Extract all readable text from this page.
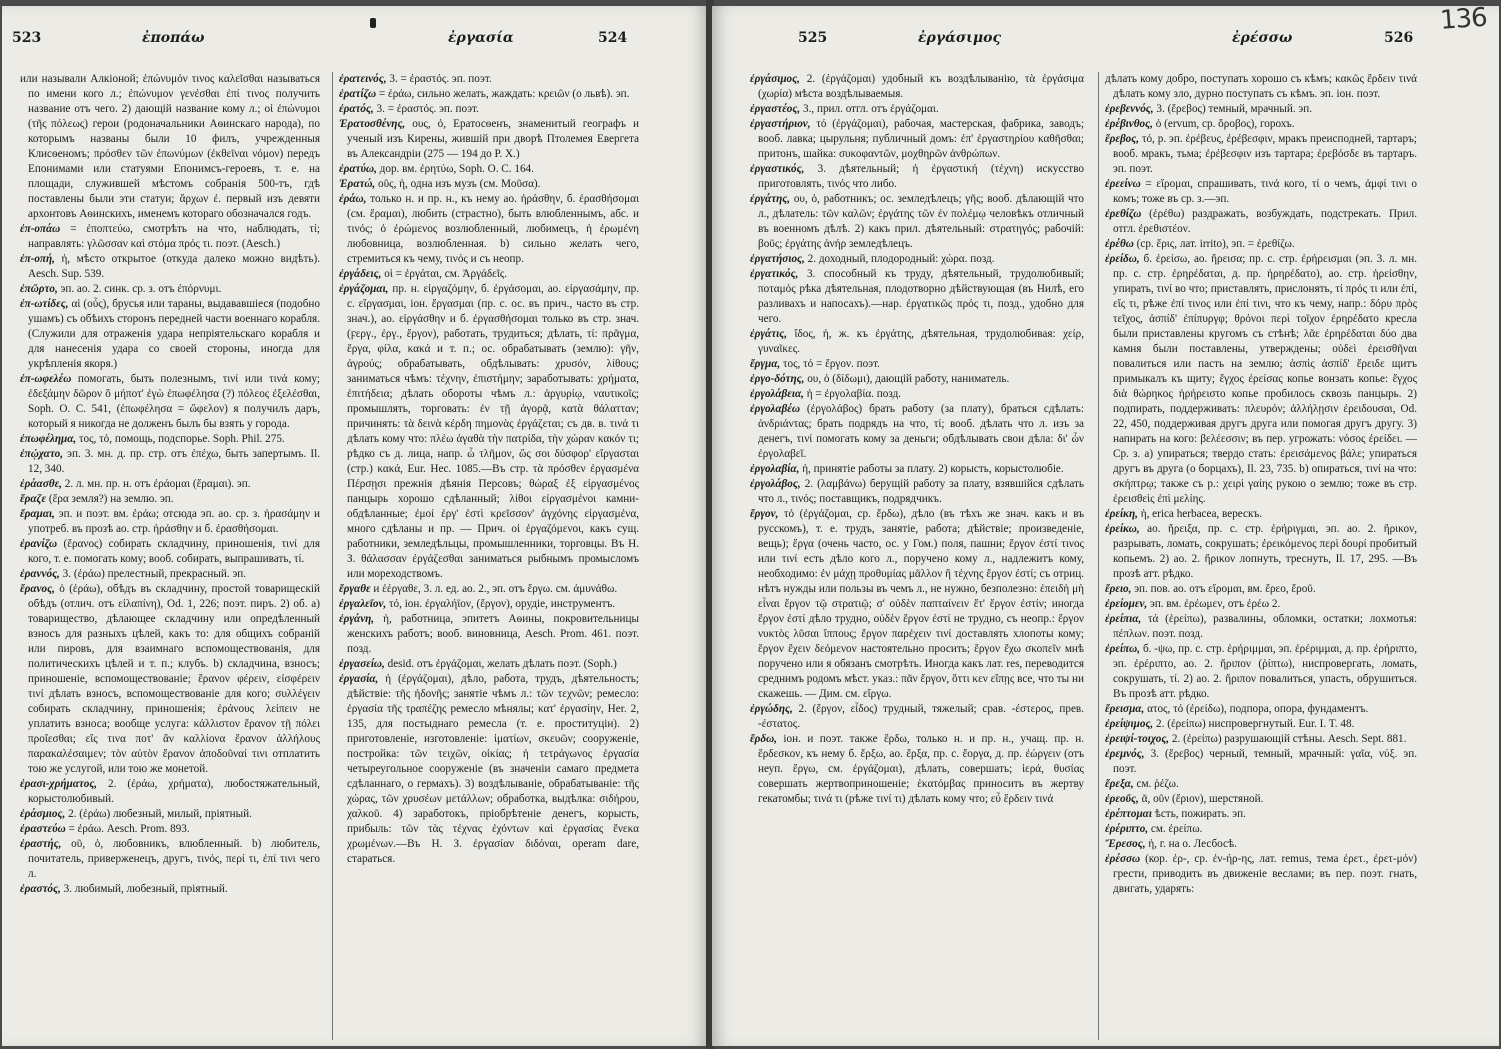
523	ἐποπάω	ἐργασία	524

или называли Алкіоной; ἐπώνυμόν τινος καλεῖσθαι называться по имени кого л.; ἐπώνυμον γενέσθαι ἐπί τινος получить название отъ чего. 2) дающій название кому л.; οἱ ἐπώνυμοι (τῆς πόλεως) герои (родоначальники Аѳинскаго народа), по которымъ названы были 10 филъ, учрежденныя Клисѳеномъ; πρόσθεν τῶν ἐπωνύμων (ἐκθεῖναι νόμον) передъ Епонимами или статуями Епонимсъ-героевъ, т. е. на площади, служившей мѣстомъ собранія 500-тъ, гдѣ поставлены были эти статуи; ἄρχων ἐ. первый изъ девяти архонтовъ Аѳинскихъ, именемъ котораго обозначался годъ.

ἐπ-οπάω = ἐποπτεύω, смотрѣть на что, наблюдать, τί; направлять: γλῶσσαν καὶ στόμα πρός τι. поэт. (Aesch.)

ἐπ-οπή, ἡ, мѣсто открытое (откуда далеко можно видѣть). Aesch. Sup. 539.

ἐπῶρτο, эп. ао. 2. синк. ср. з. отъ ἐπόρνυμι.

ἐπ-ωτίδες, αἱ (οὖς), брусья или тараны, выдававшіеся (подобно ушамъ) съ обѣихъ сторонъ передней части военнаго корабля. (Служили для отраженія удара непріятельскаго корабля и для нанесенія удара со своей стороны, иногда для укрѣпленія якоря.)

ἐπ-ωφελέω помогать, быть полезнымъ, τινί или τινά кому; ἐδεξάμην δῶρον ὃ μήποτ' ἐγὼ ἐπωφέλησα (?) πόλεος ἐξελέσθαι, Soph. O. C. 541, (ἐπωφέλησα = ὤφελον) я получилъ даръ, который я никогда не долженъ былъ бы взять у города.

ἐπωφέλημα, τος, τό, помощь, подспорье. Soph. Phil. 275.

ἐπῴχατο, эп. 3. мн. д. пр. стр. отъ ἐπέχω, быть запертымъ. Il. 12, 340.

ἐράασθε, 2. л. мн. пр. н. отъ ἐράομαι (ἔραμαι). эп.

ἔραζε (ἔρα земля?) на землю. эп.

ἔραμαι, эп. и поэт. вм. ἐράω; отсюда эп. ао. ср. з. ἠρασάμην и употреб. въ прозѣ ао. стр. ἠράσθην и б. ἐρασθήσομαι.

ἐρανίζω (ἔρανος) собирать складчину, приношенія, τινί для кого, т. е. помогать кому; вооб. собирать, выпрашивать, τί.

ἐραννός, 3. (ἐράω) прелестный, прекрасный. эп.

ἔρανος, ὁ (ἐράω), обѣдъ въ складчину, простой товарищескій обѣдъ (отлич. отъ εἰλαπίνη), Od. 1, 226; поэт. пиръ. 2) об. а) товарищество, дѣлающее складчину или опредѣленный взносъ для разныхъ цѣлей, какъ то: для общихъ собраній или пировъ, для взаимнаго вспомоществованія, для политическихъ цѣлей и т. п.; клубъ. b) складчина, взносъ; приношеніе, вспомоществованіе; ἔρανον φέρειν, εἰσφέρειν τινί дѣлать взносъ, вспомоществованіе для кого; συλλέγειν собирать складчину, приношенія; ἐράνους λείπειν не уплатить взноса; вообще услуга: κάλλιστον ἔρανον τῇ πόλει προΐεσθαι; εἴς τινα ποτ' ἂν καλλίονα ἔρανον ἀλλήλους παρακαλέσαιμεν; τὸν αὐτὸν ἔρανον ἀποδοῦναί τινι отплатить тою же услугой, или тою же монетой.

ἐρασι-χρήματος, 2. (ἐράω, χρήματα), любостяжательный, корыстолюбивый.

ἐράσμιος, 2. (ἐράω) любезный, милый, пріятный.

ἐραστεύω = ἐράω. Aesch. Prom. 893.

ἐραστής, οῦ, ὁ, любовникъ, влюбленный. b) любитель, почитатель, приверженецъ, другъ, τινός, περί τι, ἐπί τινι чего л.

ἐραστός, 3. любимый, любезный, пріятный.

ἐρατεινός, 3. = ἐραστός. эп. поэт.

ἐρατίζω = ἐράω, сильно желать, жаждать: κρειῶν (о львѣ). эп.

ἐρατός, 3. = ἐραστός. эп. поэт.

Ἐρατοσθένης, ους, ὁ, Ератосѳенъ, знаменитый географъ и ученый изъ Кирены, жившій при дворѣ Птолемея Евергета въ Александріи (275 — 194 до Р. Х.)

ἐρατύω, дор. вм. ἐρητύω, Soph. O. C. 164.

Ἐρατώ, οῦς, ἡ, одна изъ музъ (см. Μοῦσα).

ἐράω, только н. и пр. н., къ нему ао. ἠράσθην, б. ἐρασθήσομαι (см. ἔραμαι), любить (страстно), быть влюбленнымъ, абс. и τινός; ὁ ἐρώμενος возлюбленный, любимецъ, ἡ ἐρωμένη любовница, возлюбленная. b) сильно желать чего, стремиться къ чему, τινός и съ неопр.

ἐργάδεις, οἱ = ἐργάται, см. Ἀργάδεῖς.

ἐργάζομαι, пр. н. εἰργαζόμην, б. ἐργάσομαι, ао. εἰργασάμην, пр. с. εἴργασμαι, іон. ἔργασμαι (пр. с. ос. въ прич., часто въ стр. знач.), ао. εἰργάσθην и б. ἐργασθήσομαι только въ стр. знач. (ϝεργ., ἐργ., ἔργον), работать, трудиться; дѣлать, τί: πρᾶγμα, ἔργα, φίλα, κακά и т. п.; ос. обрабатывать (землю): γῆν, ἀγρούς; обрабатывать, обдѣлывать: χρυσόν, λίθους; заниматься чѣмъ: τέχνην, ἐπιστήμην; заработывать: χρήματα, ἐπιτήδεια; дѣлать обороты чѣмъ л.: ἀργυρίῳ, ναυτικοῖς; промышлять, торговать: ἐν τῇ ἀγορᾷ, κατὰ θάλατταν; причинять: τὰ δεινὰ κέρδη πημονὰς ἐργάζεται; съ дв. в. τινά τι дѣлать кому что: πλέω ἀγαθὰ τὴν πατρίδα, τὴν χώραν κακόν τι; рѣдко съ д. лица, напр. ὦ τλῆμον, ὥς σοι δύσφορ' εἴργασται (стр.) κακά, Eur. Hec. 1085.—Въ стр. τὰ πρόσθεν ἐργασμένα Πέρσῃσι прежнія дѣянія Персовъ; θώραξ ἐξ εἰργασμένος панцырь хорошо сдѣланный; λίθοι εἰργασμένοι камни-обдѣланные; ἐμοί ἐργ' ἐστὶ κρεῖσσον' ἀγχόνης εἰργασμένα, много сдѣланы и пр. — Прич. οἱ ἐργαζόμενοι, какъ сущ. работники, земледѣльцы, промышленники, торговцы. Въ Н. З. θάλασσαν ἐργάζεσθαι заниматься рыбнымъ промысломъ или мореходствомъ.

ἔργαθε и ἐέργαθε, 3. л. ед. ао. 2., эп. отъ ἔργω. см. ἀμυνάθω.

ἐργαλεῖον, τό, іон. ἐργαλήϊον, (ἔργον), орудіе, инструментъ.

ἐργάνη, ἡ, работница, эпитетъ Аѳины, покровительницы женскихъ работъ; вооб. виновница, Aesch. Prom. 461. поэт. позд.

ἐργασείω, desid. отъ ἐργάζομαι, желать дѣлать поэт. (Soph.)

ἐργασία, ἡ (ἐργάζομαι), дѣло, работа, трудъ, дѣятельность; дѣйствіе: τῆς ἡδονῆς; занятіе чѣмъ л.: τῶν τεχνῶν; ремесло: ἐργασία τῆς τραπέζης ремесло мѣнялы; κατ' ἐργασίην, Her. 2, 135, для постыднаго ремесла (т. е. проституціи). 2) приготовленіе, изготовленіе: ἱματίων, σκευῶν; сооруженіе, постройка: τῶν τειχῶν, οἰκίας; ἡ τετράγωνος ἐργασία четыреугольное сооруженіе (въ значеніи самаго предмета сдѣланнаго, о гермахъ). 3) воздѣлываніе, обрабатываніе: τῆς χώρας, τῶν χρυσέων μετάλλων; обработка, выдѣлка: σιδήρου, χαλκοῦ. 4) заработокъ, пріобрѣтеніе денегъ, корысть, прибыль: τῶν τὰς τέχνας ἐχόντων καὶ ἐργασίας ἕνεκα χρωμένων.—Въ Н. З. ἐργασίαν διδόναι, operam dare, стараться.

525	ἐργάσιμος	ἐρέσσω	526

ἐργάσιμος, 2. (ἐργάζομαι) удобный къ воздѣлыванію, τὰ ἐργάσιμα (χωρία) мѣста воздѣлываемыя.

ἐργαστέος, 3., прил. отгл. отъ ἐργάζομαι.

ἐργαστήριον, τό (ἐργάζομαι), рабочая, мастерская, фабрика, заводъ; вооб. лавка; цырульня; публичный домъ: ἐπ' ἐργαστηρίου καθῆσθαι; притонъ, шайка: συκοφαντῶν, μοχθηρῶν ἀνθρώπων.

ἐργαστικός, 3. дѣятельный; ἡ ἐργαστική (τέχνη) искусство приготовлять, τινός что либо.

ἐργάτης, ου, ὁ, работникъ; ос. земледѣлецъ; γῆς; вооб. дѣлающій что л., дѣлатель: τῶν καλῶν; ἐργάτης τῶν ἐν πολέμῳ человѣкъ отличный въ военномъ дѣлѣ. 2) какъ прил. дѣятельный: στρατηγός; рабочій: βοῦς; ἐργάτης ἀνήρ земледѣлецъ.

ἐργατήσιος, 2. доходный, плодородный: χώρα. позд.

ἐργατικός, 3. способный къ труду, дѣятельный, трудолюбивый; ποταμός рѣка дѣятельная, плодотворно дѣйствующая (въ Нилѣ, его разливахъ и напосахъ).—нар. ἐργατικῶς πρός τι, позд., удобно для чего.

ἐργάτις, ἴδος, ἡ, ж. къ ἐργάτης, дѣятельная, трудолюбивая: χείρ, γυναῖκες.

ἔργμα, τος, τό = ἔργον. поэт.

ἐργο-δότης, ου, ὁ (δίδωμι), дающій работу, наниматель.

ἐργολάβεια, ἡ = ἐργολαβία. позд.

ἐργολαβέω (ἐργολάβος) брать работу (за плату), браться сдѣлать: ἀνδριάντας; брать подрядъ на что, τί; вооб. дѣлать что л. изъ за денегъ, τινί помогать кому за деньги; обдѣлывать свои дѣла: δι' ὧν ἐργολαβεῖ.

ἐργολαβία, ἡ, принятіе работы за плату. 2) корысть, корыстолюбіе.

ἐργολάβος, 2. (λαμβάνω) берущій работу за плату, взявшійся сдѣлать что л., τινός; поставщикъ, подрядчикъ.

ἔργον, τό (ἐργάζομαι, ср. ἔρδω), дѣло (въ тѣхъ же знач. какъ и въ русскомъ), т. е. трудъ, занятіе, работа; дѣйствіе; произведеніе, вещь); ἔργα (очень часто, ос. у Гом.) поля, пашни; ἔργον ἐστί τινος или τινί есть дѣло кого л., поручено кому л., надлежитъ кому, необходимо: ἐν μάχῃ προθυμίας μᾶλλον ἢ τέχνης ἔργον ἐστί; съ отриц. нѣтъ нужды или пользы въ чемъ л., не нужно, безполезно: ἐπειδὴ μὴ εἶναι ἔργον τῷ στρατιῷ; σ' οὐδὲν παπταίνειν ἔτ' ἔργον ἐστίν; иногда ἔργον ἐστί дѣло трудно, οὐδὲν ἔργον ἐστί не трудно, съ неопр.: ἔργον νυκτὸς λῦσαι ἵππους; ἔργον παρέχειν τινί доставлять хлопоты кому; ἔργον ἔχειν δεόμενον настоятельно просить; ἔργον ἔχω σκοπεῖν мнѣ поручено или я обязанъ смотрѣть. Иногда какъ лат. res, переводится среднимъ родомъ мѣст. указ.: πᾶν ἔργον, ὅττι κεν εἴπῃς все, что ты ни скажешь. — Дим. см. εἴργω.

ἐργώδης, 2. (ἔργον, εἶδος) трудный, тяжелый; срав. -έστερος, прев. -έστατος.

ἔρδω, іон. и поэт. также ἔρδω, только н. и пр. н., учащ. пр. н. ἔρδεσκον, къ нему б. ἔρξω, ао. ἔρξα, пр. с. ἔοργα, д. пр. ἐώργειν (отъ неуп. ἔργω, см. ἐργάζομαι), дѣлать, совершать; ἱερά, θυσίας совершать жертвоприношеніе; ἑκατόμβας приносить въ жертву гекатомбы; τινά τι (рѣже τινί τι) дѣлать кому что; εὖ ἔρδειν τινά

дѣлать кому добро, поступать хорошо съ кѣмъ; κακῶς ἔρδειν τινά дѣлать кому зло, дурно поступать съ кѣмъ. эп. іон. поэт.

ἐρεβεννός, 3. (ἔρεβος) темный, мрачный. эп.

ἐρέβινθος, ὁ (ervum, ср. ὄροβος), горохъ.

ἔρεβος, τό, р. эп. ἐρέβευς, ἐρέβεσφιν, мракъ преисподней, тартаръ; вооб. мракъ, тьма; ἐρέβεσφιν изъ тартара; ἐρεβόσδε въ тартаръ. эп. поэт.

ἐρεείνω = εἴρομαι, спрашивать, τινά кого, τί о чемъ, ἀμφί τινι о комъ; тоже въ ср. з.—эп.

ἐρεθίζω (ἐρέθω) раздражать, возбуждать, подстрекать. Прил. отгл. ἐρεθιστέον.

ἐρέθω (ср. ἔρις, лат. irrito), эп. = ἐρεθίζω.

ἐρείδω, б. ἐρείσω, ао. ἤρεισα; пр. с. стр. ἐρήρεισμαι (эп. 3. л. мн. пр. с. стр. ἐρηρέδαται, д. пр. ἠρηρέδατο), ао. стр. ἠρείσθην, упирать, τινί во что; приставлять, прислонять, τί πρός τι или ἐπί, εἴς τι, рѣже ἐπί τινος или ἐπί τινι, что къ чему, напр.: δόρυ πρὸς τεῖχος, ἀσπίδ' ἐπίπυργφ; θρόνοι περὶ τοῖχον ἐρηρέδατο кресла были приставлены кругомъ съ стѣнѣ; λᾶε ἐρηρέδαται δύο два камня были поставлены, утверждены; οὐδεὶ ἐρεισθῆναι повалиться или пасть на землю; ἀσπὶς ἀσπίδ' ἔρειδε щитъ примыкалъ къ щиту; ἔγχος ἐρείσας копье вонзать копье: ἔγχος διὰ θώρηκος ἠρήρειστο копье пробилось сквозь панцырь. 2) подпирать, поддерживать: πλευρόν; ἀλλήλῃσιν ἐρειδουσαι, Od. 22, 450, поддерживая другъ друга или помогая другъ другу. 3) напирать на кого: βελέεσσιν; въ пер. угрожать: νόσος ἐρείδει. — Ср. з. а) упираться; твердо стать: ἐρεισάμενος βάλε; упираться другъ въ друга (о борцахъ), Il. 23, 735. b) опираться, τινί на что: σκήπτρῳ; также съ р.: χειρὶ γαίης рукою о землю; тоже въ стр. ἐρεισθεὶς ἐπὶ μελίης.

ἐρείκη, ἡ, erica herbacea, верескъ.

ἐρείκω, ао. ἤρειξα, пр. с. стр. ἐρήριγμαι, эп. ао. 2. ἤρικον, разрывать, ломать, сокрушать; ἐρεικόμενος περὶ δουρί пробитый копьемъ. 2) ао. 2. ἤρικον лопнуть, треснуть, Il. 17, 295. —Въ прозѣ атт. рѣдко.

ἔρειο, эп. пов. ао. отъ εἴρομαι, вм. ἔρεο, ἔροῦ.

ἐρείομεν, эп. вм. ἐρέωμεν, отъ ἐρέω 2.

ἐρείπια, τά (ἐρείπω), развалины, обломки, остатки; лохмотья: πέπλων. поэт. позд.

ἐρείπω, б. -ψω, пр. с. стр. ἐρήριμμαι, эп. ἐρέριμμαι, д. пр. ἐρήριπτο, эп. ἐρέριπτο, ао. 2. ἤριπον (ῥίπτω), ниспровергать, ломать, сокрушать, τί. 2) ао. 2. ἤριπον повалиться, упасть, обрушиться. Въ прозѣ атт. рѣдко.

ἔρεισμα, ατος, τό (ἐρείδω), подпора, опора, фундаментъ.

ἐρείψιμος, 2. (ἐρείπω) ниспровергнутый. Eur. I. T. 48.

ἐρειψί-τοιχος, 2. (ἐρείπω) разрушающій стѣны. Aesch. Sept. 881.

ἐρεμνός, 3. (ἔρεβος) черный, темный, мрачный: γαῖα, νύξ. эп. поэт.

ἔρεξα, см. ῥέζω.

ἐρεοῦς, ᾶ, οῦν (ἔριον), шерстяной.

ἐρέπτομαι ѣсть, пожирать. эп.

ἐρέριπτο, см. ἐρείπω.

Ἔρεσος, ἡ, г. на о. Лесбосѣ.

ἐρέσσω (кор. ἐρ-, ср. ἐν-ήρ-ης, лат. remus, тема ἐρετ., ἐρετ-μόν) грести, приводить въ движеніе веслами; въ пер. поэт. гнать, двигать, ударять:

136
